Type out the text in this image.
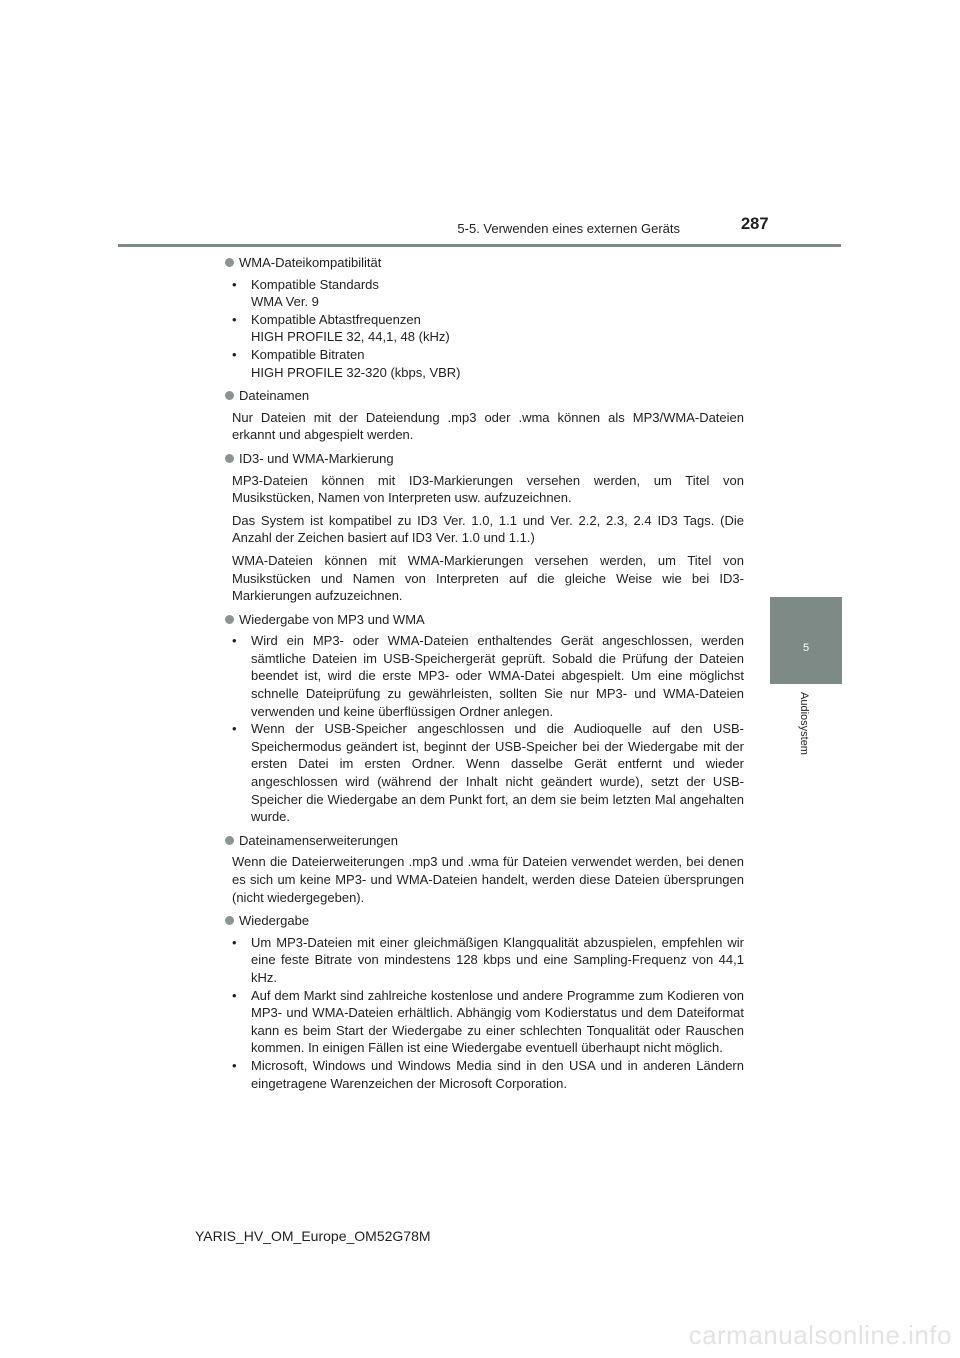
5-5. Verwenden eines externen Geräts	287
5
Audiosystem
WMA-Dateikompatibilität
• Kompatible Standards
WMA Ver. 9
• Kompatible Abtastfrequenzen
HIGH PROFILE 32, 44,1, 48 (kHz)
• Kompatible Bitraten
HIGH PROFILE 32-320 (kbps, VBR)
Dateinamen

Nur Dateien mit der Dateiendung .mp3 oder .wma können als MP3/WMA-Dateien erkannt und abgespielt werden.

ID3- und WMA-Markierung

MP3-Dateien können mit ID3-Markierungen versehen werden, um Titel von Musikstücken, Namen von Interpreten usw. aufzuzeichnen.

Das System ist kompatibel zu ID3 Ver. 1.0, 1.1 und Ver. 2.2, 2.3, 2.4 ID3 Tags. (Die Anzahl der Zeichen basiert auf ID3 Ver. 1.0 und 1.1.)

WMA-Dateien können mit WMA-Markierungen versehen werden, um Titel von Musikstücken und Namen von Interpreten auf die gleiche Weise wie bei ID3-Markierungen aufzuzeichnen.

Wiedergabe von MP3 und WMA
• Wird ein MP3- oder WMA-Dateien enthaltendes Gerät angeschlossen, werden sämtliche Dateien im USB-Speichergerät geprüft. Sobald die Prüfung der Dateien beendet ist, wird die erste MP3- oder WMA-Datei abgespielt. Um eine möglichst schnelle Dateiprüfung zu gewährleisten, sollten Sie nur MP3- und WMA-Dateien verwenden und keine überflüssigen Ordner anlegen.
• Wenn der USB-Speicher angeschlossen und die Audioquelle auf den USB-Speichermodus geändert ist, beginnt der USB-Speicher bei der Wiedergabe mit der ersten Datei im ersten Ordner. Wenn dasselbe Gerät entfernt und wieder angeschlossen wird (während der Inhalt nicht geändert wurde), setzt der USB-Speicher die Wiedergabe an dem Punkt fort, an dem sie beim letzten Mal angehalten wurde.
Dateinamenserweiterungen

Wenn die Dateierweiterungen .mp3 und .wma für Dateien verwendet werden, bei denen es sich um keine MP3- und WMA-Dateien handelt, werden diese Dateien übersprungen (nicht wiedergegeben).

Wiedergabe
• Um MP3-Dateien mit einer gleichmäßigen Klangqualität abzuspielen, empfehlen wir eine feste Bitrate von mindestens 128 kbps und eine Sampling-Frequenz von 44,1 kHz.
• Auf dem Markt sind zahlreiche kostenlose und andere Programme zum Kodieren von MP3- und WMA-Dateien erhältlich. Abhängig vom Kodierstatus und dem Dateiformat kann es beim Start der Wiedergabe zu einer schlechten Tonqualität oder Rauschen kommen. In einigen Fällen ist eine Wiedergabe eventuell überhaupt nicht möglich.
• Microsoft, Windows und Windows Media sind in den USA und in anderen Ländern eingetragene Warenzeichen der Microsoft Corporation.
YARIS_HV_OM_Europe_OM52G78M
carmanualsonline.info
